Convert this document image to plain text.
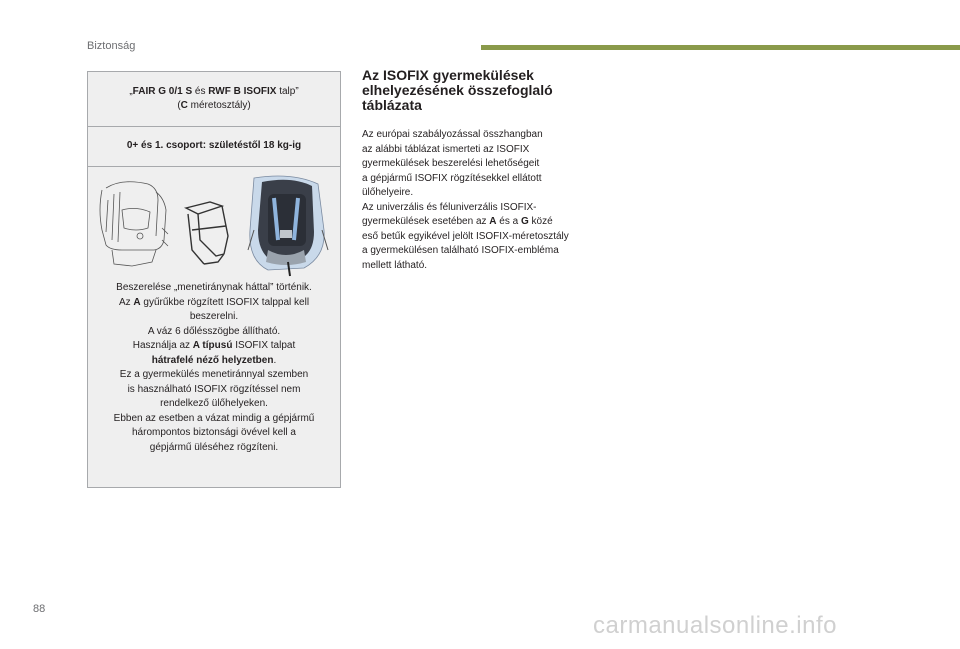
Biztonság
„FAIR G 0/1 S és RWF B ISOFIX talp”
(C méretosztály)
0+ és 1. csoport: születéstől 18 kg-ig
Beszerelése „menetiránynak háttal” történik.
Az A gyűrűkbe rögzített ISOFIX talppal kell
beszerelni.
A váz 6 dőlésszögbe állítható.
Használja az A típusú ISOFIX talpat
hátrafelé néző helyzetben.
Ez a gyermekülés menetiránnyal szemben
is használható ISOFIX rögzítéssel nem
rendelkező ülőhelyeken.
Ebben az esetben a vázat mindig a gépjármű
hárompontos biztonsági övével kell a
gépjármű üléséhez rögzíteni.
Az ISOFIX gyermekülések
elhelyezésének összefoglaló
táblázata
Az európai szabályozással összhangban
az alábbi táblázat ismerteti az ISOFIX
gyermekülések beszerelési lehetőségeit
a gépjármű ISOFIX rögzítésekkel ellátott
ülőhelyeire.
Az univerzális és féluniverzális ISOFIX-
gyermekülések esetében az A és a G közé
eső betűk egyikével jelölt ISOFIX-méretosztály
a gyermekülésen található ISOFIX-embléma
mellett látható.
88
carmanualsonline.info
